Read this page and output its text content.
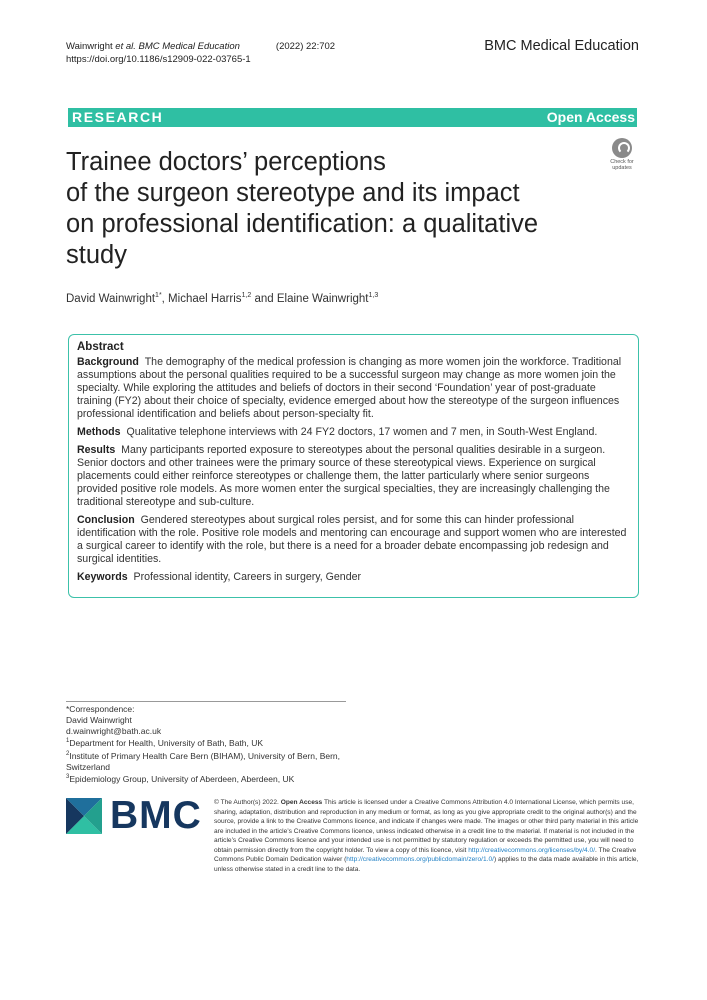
Wainwright et al. BMC Medical Education	(2022) 22:702
https://doi.org/10.1186/s12909-022-03765-1
BMC Medical Education
RESEARCH	Open Access
Check for
updates
Trainee doctors’ perceptions
of the surgeon stereotype and its impact
on professional identification: a qualitative
study
David Wainwright$^{1*}$, Michael Harris$^{1,2}$ and Elaine Wainwright$^{1,3}$
Abstract

Background The demography of the medical profession is changing as more women join the workforce. Traditional assumptions about the personal qualities required to be a successful surgeon may change as more women join the specialty. While exploring the attitudes and beliefs of doctors in their second ‘Foundation’ year of post-graduate training (FY2) about their choice of specialty, evidence emerged about how the stereotype of the surgeon influences professional identification and beliefs about person-specialty fit.

Methods Qualitative telephone interviews with 24 FY2 doctors, 17 women and 7 men, in South-West England.

Results Many participants reported exposure to stereotypes about the personal qualities desirable in a surgeon. Senior doctors and other trainees were the primary source of these stereotypical views. Experience on surgical placements could either reinforce stereotypes or challenge them, the latter particularly where senior surgeons provided positive role models. As more women enter the surgical specialties, they are increasingly challenging the traditional stereotype and sub-culture.

Conclusion Gendered stereotypes about surgical roles persist, and for some this can hinder professional identification with the role. Positive role models and mentoring can encourage and support women who are interested a surgical career to identify with the role, but there is a need for a broader debate encompassing job redesign and surgical identities.

Keywords Professional identity, Careers in surgery, Gender

*Correspondence:
David Wainwright
d.wainwright@bath.ac.uk
$^1$Department for Health, University of Bath, Bath, UK
$^2$Institute of Primary Health Care Bern (BIHAM), University of Bern, Bern,
Switzerland
$^3$Epidemiology Group, University of Aberdeen, Aberdeen, UK
BMC © The Author(s) 2022. Open Access This article is licensed under a Creative Commons Attribution 4.0 International License, which permits use, sharing, adaptation, distribution and reproduction in any medium or format, as long as you give appropriate credit to the original author(s) and the source, provide a link to the Creative Commons licence, and indicate if changes were made. The images or other third party material in this article are included in the article’s Creative Commons licence, unless indicated otherwise in a credit line to the material. If material is not included in the article’s Creative Commons licence and your intended use is not permitted by statutory regulation or exceeds the permitted use, you will need to obtain permission directly from the copyright holder. To view a copy of this licence, visit http://creativecommons.org/licenses/by/4.0/. The Creative Commons Public Domain Dedication waiver (http://creativecommons.org/publicdomain/zero/1.0/) applies to the data made available in this article, unless otherwise stated in a credit line to the data.
